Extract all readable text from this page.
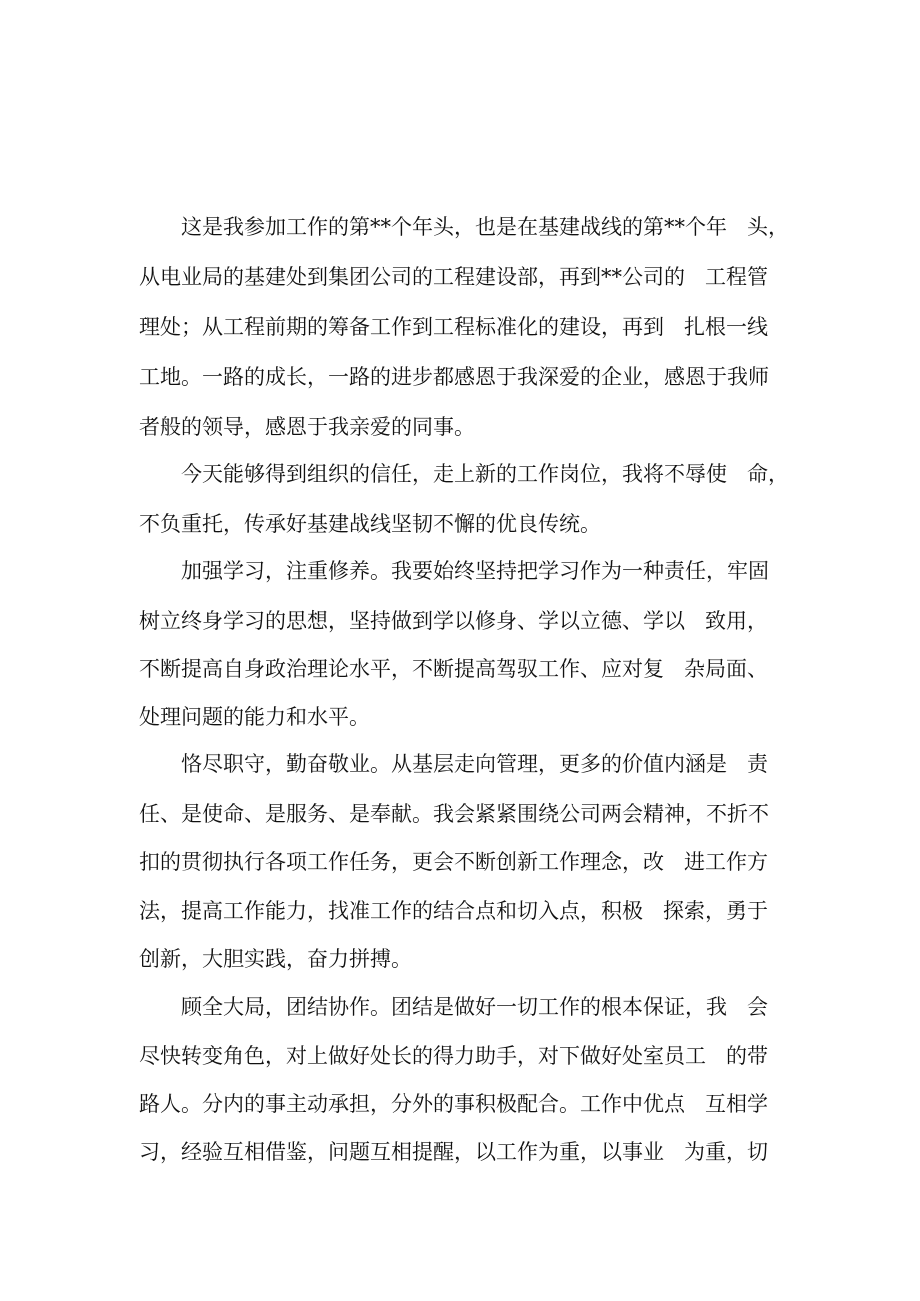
这是我参加工作的第**个年头，也是在基建战线的第**个年   头，
从电业局的基建处到集团公司的工程建设部，再到**公司的   工程管
理处；从工程前期的筹备工作到工程标准化的建设，再到   扎根一线
工地。一路的成长，一路的进步都感恩于我深爱的企业，感恩于我师
者般的领导，感恩于我亲爱的同事。
今天能够得到组织的信任，走上新的工作岗位，我将不辱使   命，
不负重托，传承好基建战线坚韧不懈的优良传统。
加强学习，注重修养。我要始终坚持把学习作为一种责任，牢固
树立终身学习的思想，坚持做到学以修身、学以立德、学以   致用，
不断提高自身政治理论水平，不断提高驾驭工作、应对复   杂局面、
处理问题的能力和水平。
恪尽职守，勤奋敬业。从基层走向管理，更多的价值内涵是   责
任、是使命、是服务、是奉献。我会紧紧围绕公司两会精神，不折不
扣的贯彻执行各项工作任务，更会不断创新工作理念，改   进工作方
法，提高工作能力，找准工作的结合点和切入点，积极   探索，勇于
创新，大胆实践，奋力拼搏。
顾全大局，团结协作。团结是做好一切工作的根本保证，我   会
尽快转变角色，对上做好处长的得力助手，对下做好处室员工   的带
路人。分内的事主动承担，分外的事积极配合。工作中优点   互相学
习，经验互相借鉴，问题互相提醒，以工作为重，以事业   为重，切
